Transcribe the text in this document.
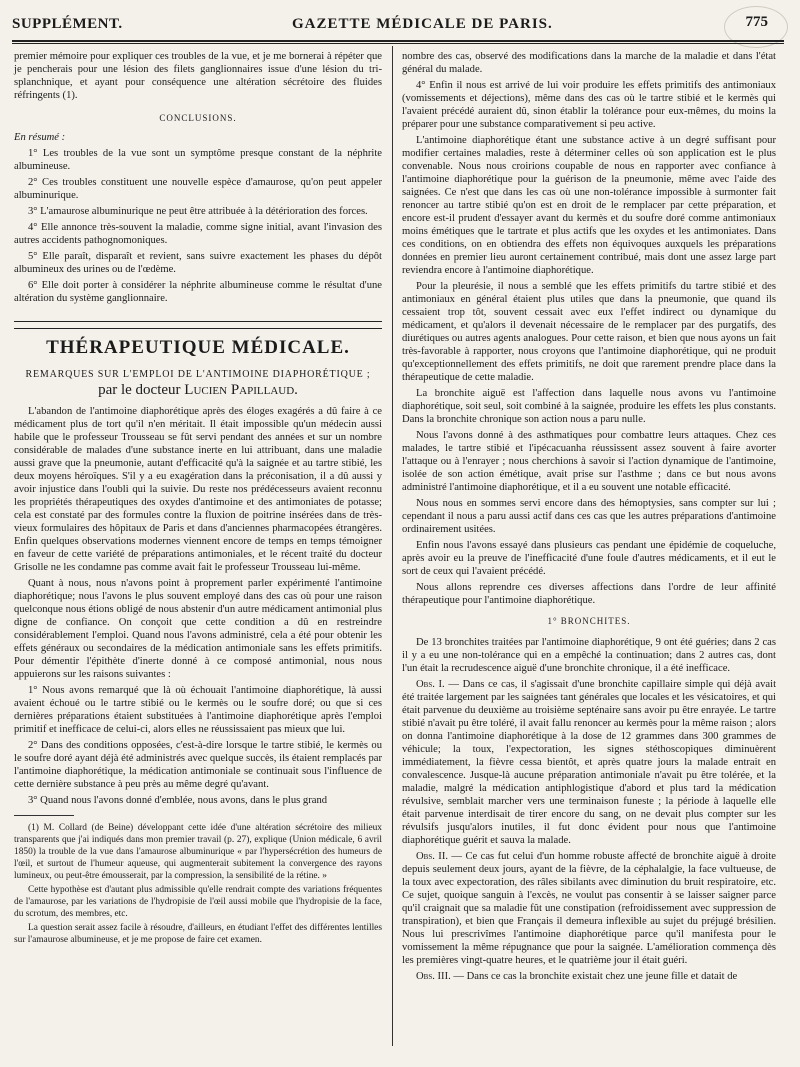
SUPPLÉMENT.	GAZETTE MÉDICALE DE PARIS.	775

premier mémoire pour expliquer ces troubles de la vue, et je me bornerai à répéter que je pencherais pour une lésion des filets ganglionnaires issue d'une lésion du tri-splanchnique, et ayant pour conséquence une altération sécrétoire des fluides réfringents (1).

CONCLUSIONS.

En résumé :

1° Les troubles de la vue sont un symptôme presque constant de la néphrite albumineuse.

2° Ces troubles constituent une nouvelle espèce d'amaurose, qu'on peut appeler albuminurique.

3° L'amaurose albuminurique ne peut être attribuée à la détérioration des forces.

4° Elle annonce très-souvent la maladie, comme signe initial, avant l'invasion des autres accidents pathognomoniques.

5° Elle paraît, disparaît et revient, sans suivre exactement les phases du dépôt albumineux des urines ou de l'œdème.

6° Elle doit porter à considérer la néphrite albumineuse comme le résultat d'une altération du système ganglionnaire.

THÉRAPEUTIQUE MÉDICALE.
REMARQUES SUR L'EMPLOI DE L'ANTIMOINE DIAPHORÉTIQUE ;
par le docteur Lucien Papillaud.

L'abandon de l'antimoine diaphorétique après des éloges exagérés a dû faire à ce médicament plus de tort qu'il n'en méritait. Il était impossible qu'un médecin aussi habile que le professeur Trousseau se fût servi pendant des années et sur un nombre considérable de malades d'une substance inerte en lui attribuant, dans une maladie aussi grave que la pneumonie, autant d'efficacité qu'à la saignée et au tartre stibié, les deux moyens héroïques. S'il y a eu exagération dans la préconisation, il a dû aussi y avoir injustice dans l'oubli qui la suivie. Du reste nos prédécesseurs avaient reconnu les propriétés thérapeutiques des oxydes d'antimoine et des antimoniates de potasse; cela est constaté par des formules contre la fluxion de poitrine insérées dans de très-vieux formulaires des hôpitaux de Paris et dans d'anciennes pharmacopées étrangères. Enfin quelques observations modernes viennent encore de temps en temps témoigner en faveur de cette variété de préparations antimoniales, et le récent traité du docteur Grisolle ne les condamne pas comme avait fait le professeur Trousseau lui-même.

Quant à nous, nous n'avons point à proprement parler expérimenté l'antimoine diaphorétique; nous l'avons le plus souvent employé dans des cas où pour une raison quelconque nous étions obligé de nous abstenir d'un autre médicament antimonial plus digne de confiance. On conçoit que cette condition a dû en restreindre considérablement l'emploi. Quand nous l'avons administré, cela a été pour obtenir les effets généraux ou secondaires de la médication antimoniale sans les effets primitifs. Pour démentir l'épithète d'inerte donné à ce composé antimonial, nous nous appuierons sur les raisons suivantes :

1° Nous avons remarqué que là où échouait l'antimoine diaphorétique, là aussi avaient échoué ou le tartre stibié ou le kermès ou le soufre doré; ou que si ces dernières préparations étaient substituées à l'antimoine diaphorétique après l'emploi primitif et inefficace de celui-ci, alors elles ne réussissaient pas mieux que lui.

2° Dans des conditions opposées, c'est-à-dire lorsque le tartre stibié, le kermès ou le soufre doré ayant déjà été administrés avec quelque succès, ils étaient remplacés par l'antimoine diaphorétique, la médication antimoniale se continuait sous l'influence de cette dernière substance à peu près au même degré qu'avant.

3° Quand nous l'avons donné d'emblée, nous avons, dans le plus grand

(1) M. Collard (de Beine) développant cette idée d'une altération sécrétoire des milieux transparents que j'ai indiqués dans mon premier travail (p. 27), explique (Union médicale, 6 avril 1850) la trouble de la vue dans l'amaurose albuminurique « par l'hypersécrétion des humeurs de l'œil, et surtout de l'humeur aqueuse, qui augmenterait subitement la convergence des rayons lumineux, ou peut-être émousserait, par la compression, la sensibilité de la rétine. »

Cette hypothèse est d'autant plus admissible qu'elle rendrait compte des variations fréquentes de l'amaurose, par les variations de l'hydropisie de l'œil aussi mobile que l'hydropisie de la face, du scrotum, des membres, etc.

La question serait assez facile à résoudre, d'ailleurs, en étudiant l'effet des différentes lentilles sur l'amaurose albumineuse, et je me propose de faire cet examen.

nombre des cas, observé des modifications dans la marche de la maladie et dans l'état général du malade.

4° Enfin il nous est arrivé de lui voir produire les effets primitifs des antimoniaux (vomissements et déjections), même dans des cas où le tartre stibié et le kermès qui l'avaient précédé auraient dû, sinon établir la tolérance pour eux-mêmes, du moins la préparer pour une substance comparativement si peu active.

L'antimoine diaphorétique étant une substance active à un degré suffisant pour modifier certaines maladies, reste à déterminer celles où son application est le plus convenable. Nous nous croirions coupable de nous en rapporter avec confiance à l'antimoine diaphorétique pour la guérison de la pneumonie, même avec l'aide des saignées. Ce n'est que dans les cas où une non-tolérance impossible à surmonter fait renoncer au tartre stibié qu'on est en droit de le remplacer par cette préparation, et encore est-il prudent d'essayer avant du kermès et du soufre doré comme antimoniaux moins émétiques que le tartrate et plus actifs que les oxydes et les antimoniates. Dans ces conditions, on en obtiendra des effets non équivoques auxquels les préparations données en premier lieu auront certainement contribué, mais dont une assez large part reviendra encore à l'antimoine diaphorétique.

Pour la pleurésie, il nous a semblé que les effets primitifs du tartre stibié et des antimoniaux en général étaient plus utiles que dans la pneumonie, que quand ils cessaient trop tôt, souvent cessait avec eux l'effet indirect ou dynamique du médicament, et qu'alors il devenait nécessaire de le remplacer par des purgatifs, des diurétiques ou autres agents analogues. Pour cette raison, et bien que nous ayons un fait très-favorable à rapporter, nous croyons que l'antimoine diaphorétique, qui ne produit qu'exceptionnellement des effets primitifs, ne doit que rarement prendre place dans la thérapeutique de cette maladie.

La bronchite aiguë est l'affection dans laquelle nous avons vu l'antimoine diaphorétique, soit seul, soit combiné à la saignée, produire les effets les plus constants. Dans la bronchite chronique son action nous a paru nulle.

Nous l'avons donné à des asthmatiques pour combattre leurs attaques. Chez ces malades, le tartre stibié et l'ipécacuanha réussissent assez souvent à faire avorter l'attaque ou à l'enrayer ; nous cherchions à savoir si l'action dynamique de l'antimoine, isolée de son action émétique, avait prise sur l'asthme ; dans ce but nous avons administré l'antimoine diaphorétique, et il a eu souvent une notable efficacité.

Nous nous en sommes servi encore dans des hémoptysies, sans compter sur lui ; cependant il nous a paru aussi actif dans ces cas que les autres préparations d'antimoine ordinairement usitées.

Enfin nous l'avons essayé dans plusieurs cas pendant une épidémie de coqueluche, après avoir eu la preuve de l'inefficacité d'une foule d'autres médicaments, et il eut le sort de ceux qui l'avaient précédé.

Nous allons reprendre ces diverses affections dans l'ordre de leur affinité thérapeutique pour l'antimoine diaphorétique.

1° BRONCHITES.

De 13 bronchites traitées par l'antimoine diaphorétique, 9 ont été guéries; dans 2 cas il y a eu une non-tolérance qui en a empêché la continuation; dans 2 autres cas, dont l'un était la recrudescence aiguë d'une bronchite chronique, il a été inefficace.

Obs. I. — Dans ce cas, il s'agissait d'une bronchite capillaire simple qui déjà avait été traitée largement par les saignées tant générales que locales et les vésicatoires, et qui était parvenue du deuxième au troisième septénaire sans avoir pu être enrayée. Le tartre stibié n'avait pu être toléré, il avait fallu renoncer au kermès pour la même raison ; alors on donna l'antimoine diaphorétique à la dose de 12 grammes dans 300 grammes de véhicule; la toux, l'expectoration, les signes stéthoscopiques diminuèrent immédiatement, la fièvre cessa bientôt, et après quatre jours la malade entrait en convalescence. Jusque-là aucune préparation antimoniale n'avait pu être tolérée, et la maladie, malgré la médication antiphlogistique d'abord et plus tard la médication révulsive, semblait marcher vers une terminaison funeste ; la période à laquelle elle était parvenue interdisait de tirer encore du sang, on ne devait plus compter sur les révulsifs jusqu'alors inutiles, il fut donc évident pour nous que l'antimoine diaphorétique guérit et sauva la malade.

Obs. II. — Ce cas fut celui d'un homme robuste affecté de bronchite aiguë à droite depuis seulement deux jours, ayant de la fièvre, de la céphalalgie, la face vultueuse, de la toux avec expectoration, des râles sibilants avec diminution du bruit respiratoire, etc. Ce sujet, quoique sanguin à l'excès, ne voulut pas consentir à se laisser saigner parce qu'il craignait que sa maladie fût une constipation (refroidissement avec suppression de transpiration), et bien que Français il demeura inflexible au sujet du préjugé brésilien. Nous lui prescrivîmes l'antimoine diaphorétique parce qu'il manifesta pour le vomissement la même répugnance que pour la saignée. L'amélioration commença dès les premières vingt-quatre heures, et le quatrième jour il était guéri.

Obs. III. — Dans ce cas la bronchite existait chez une jeune fille et datait de
